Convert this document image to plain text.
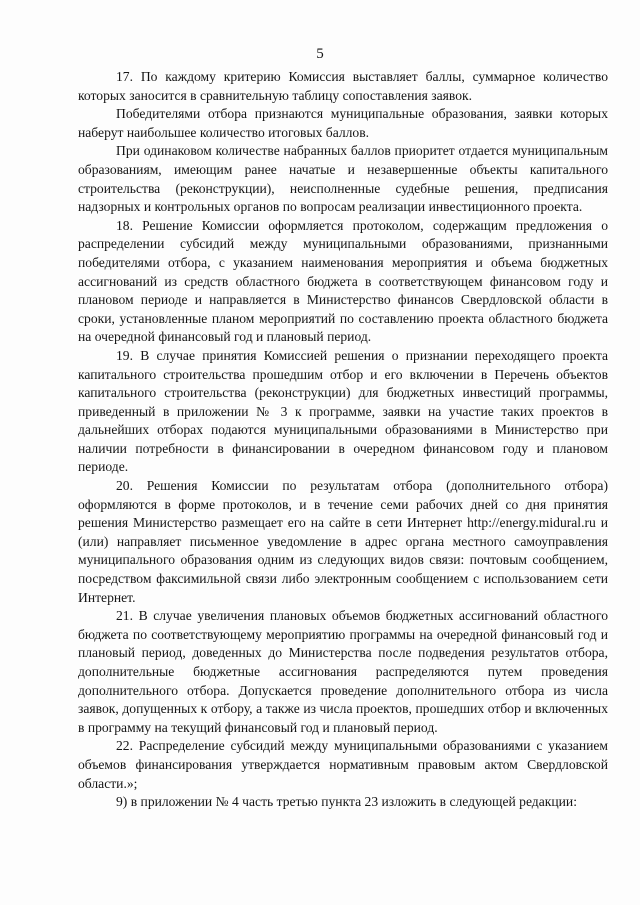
5

17. По каждому критерию Комиссия выставляет баллы, суммарное количество которых заносится в сравнительную таблицу сопоставления заявок.

Победителями отбора признаются муниципальные образования, заявки которых наберут наибольшее количество итоговых баллов.

При одинаковом количестве набранных баллов приоритет отдается муниципальным образованиям, имеющим ранее начатые и незавершенные объекты капитального строительства (реконструкции), неисполненные судебные решения, предписания надзорных и контрольных органов по вопросам реализации инвестиционного проекта.

18. Решение Комиссии оформляется протоколом, содержащим предложения о распределении субсидий между муниципальными образованиями, признанными победителями отбора, с указанием наименования мероприятия и объема бюджетных ассигнований из средств областного бюджета в соответствующем финансовом году и плановом периоде и направляется в Министерство финансов Свердловской области в сроки, установленные планом мероприятий по составлению проекта областного бюджета на очередной финансовый год и плановый период.

19. В случае принятия Комиссией решения о признании переходящего проекта капитального строительства прошедшим отбор и его включении в Перечень объектов капитального строительства (реконструкции) для бюджетных инвестиций программы, приведенный в приложении № 3 к программе, заявки на участие таких проектов в дальнейших отборах подаются муниципальными образованиями в Министерство при наличии потребности в финансировании в очередном финансовом году и плановом периоде.

20. Решения Комиссии по результатам отбора (дополнительного отбора) оформляются в форме протоколов, и в течение семи рабочих дней со дня принятия решения Министерство размещает его на сайте в сети Интернет http://energy.midural.ru и (или) направляет письменное уведомление в адрес органа местного самоуправления муниципального образования одним из следующих видов связи: почтовым сообщением, посредством факсимильной связи либо электронным сообщением с использованием сети Интернет.

21. В случае увеличения плановых объемов бюджетных ассигнований областного бюджета по соответствующему мероприятию программы на очередной финансовый год и плановый период, доведенных до Министерства после подведения результатов отбора, дополнительные бюджетные ассигнования распределяются путем проведения дополнительного отбора. Допускается проведение дополнительного отбора из числа заявок, допущенных к отбору, а также из числа проектов, прошедших отбор и включенных в программу на текущий финансовый год и плановый период.

22. Распределение субсидий между муниципальными образованиями с указанием объемов финансирования утверждается нормативным правовым актом Свердловской области.»;

9) в приложении № 4 часть третью пункта 23 изложить в следующей редакции:
